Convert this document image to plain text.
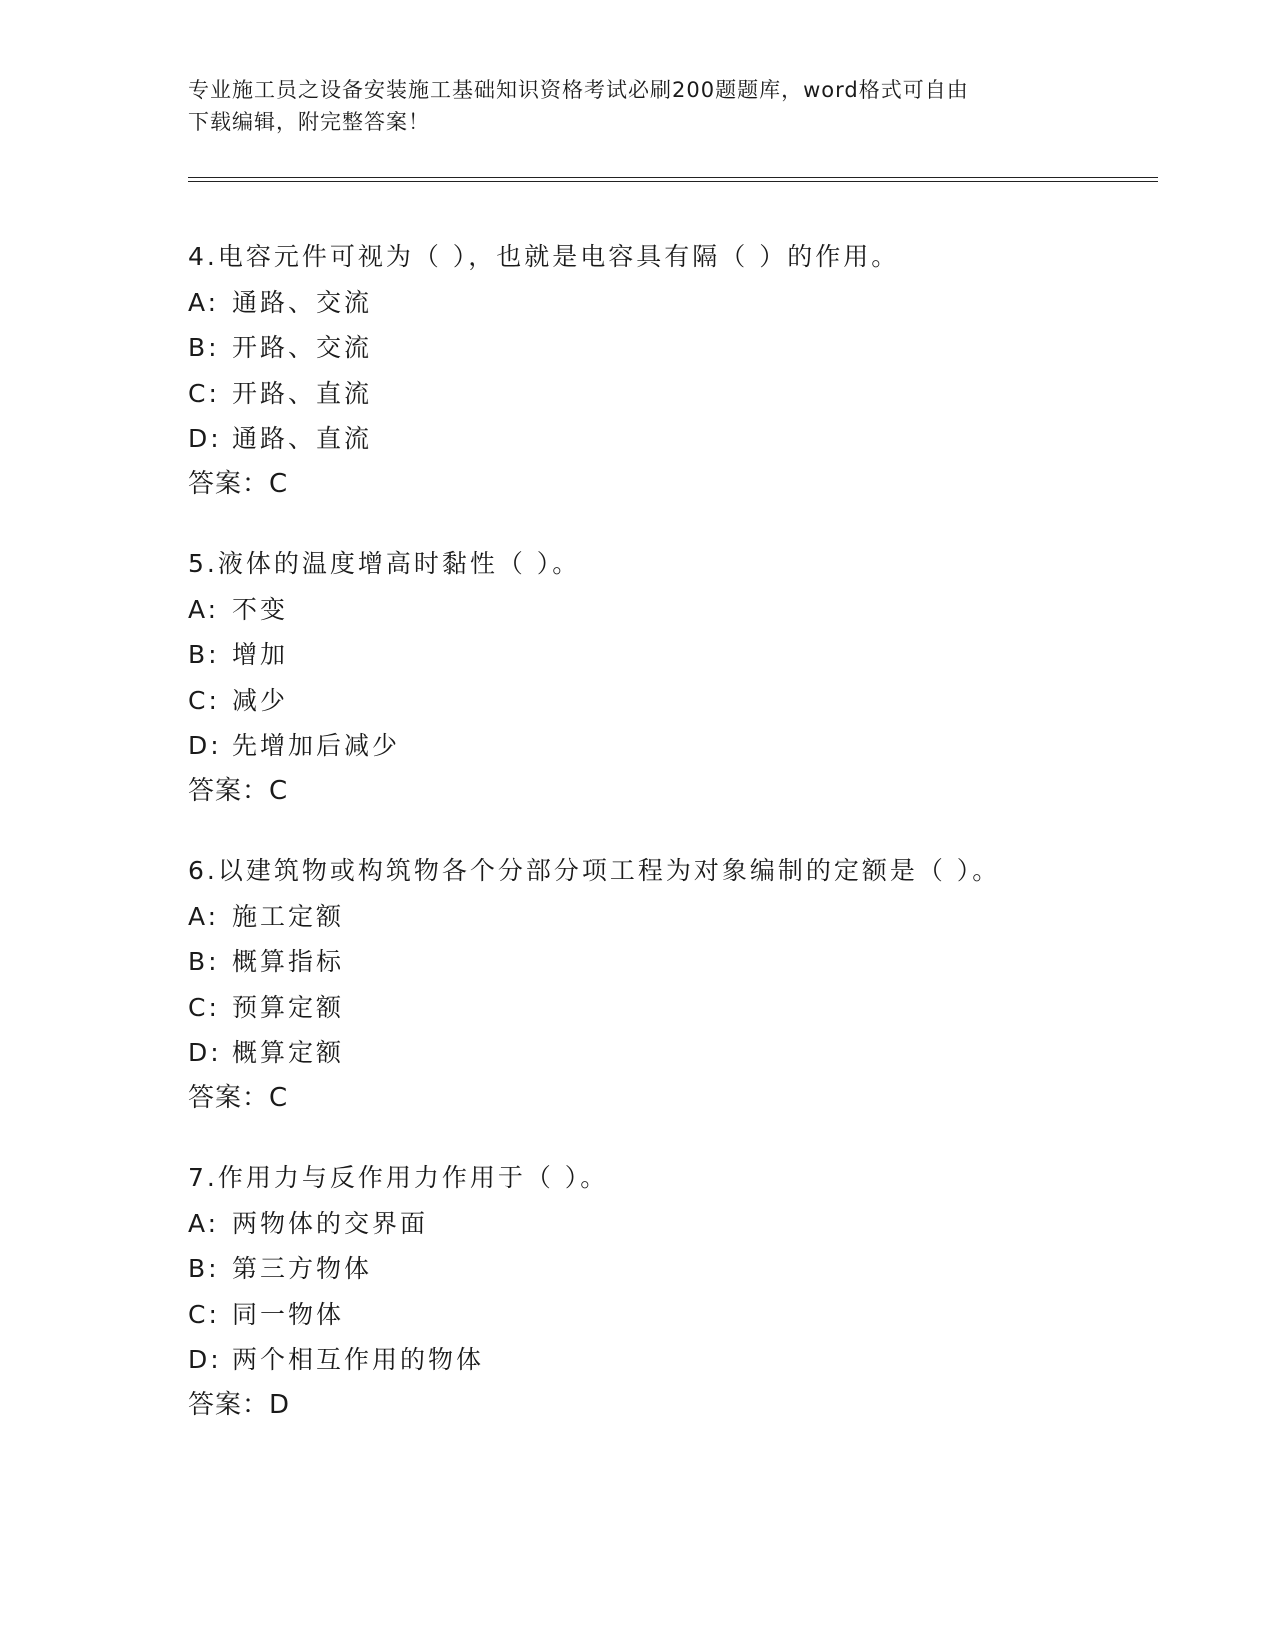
专业施工员之设备安装施工基础知识资格考试必刷200题题库，word格式可自由
下载编辑，附完整答案！
4.电容元件可视为（ ），也就是电容具有隔（ ）的作用。
A: 通路、交流
B: 开路、交流
C: 开路、直流
D: 通路、直流
答案：C
5.液体的温度增高时黏性（ ）。
A: 不变
B: 增加
C: 减少
D: 先增加后减少
答案：C
6.以建筑物或构筑物各个分部分项工程为对象编制的定额是（ ）。
A: 施工定额
B: 概算指标
C: 预算定额
D: 概算定额
答案：C
7.作用力与反作用力作用于（ ）。
A: 两物体的交界面
B: 第三方物体
C: 同一物体
D: 两个相互作用的物体
答案：D
